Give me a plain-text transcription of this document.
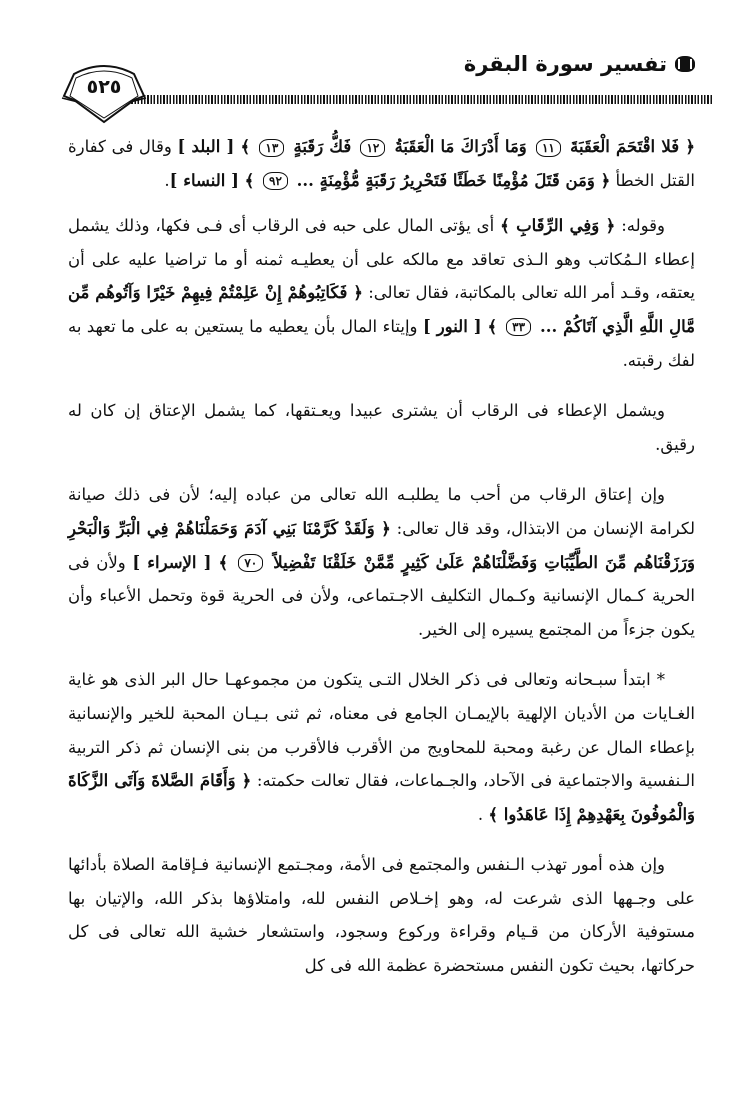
تفسير سورة البقرة
٥٢٥

﴿ فَلا اقْتَحَمَ الْعَقَبَةَ ١١ وَمَا أَدْرَاكَ مَا الْعَقَبَةُ ١٢ فَكُّ رَقَبَةٍ ١٣ ﴾ [ البلد ] وقال فى كفارة القتل الخطأ ﴿ وَمَن قَتَلَ مُؤْمِنًا خَطَئًا فَتَحْرِيرُ رَقَبَةٍ مُّؤْمِنَةٍ ... ٩٢ ﴾ [ النساء ].

وقوله: ﴿ وَفِي الرِّقَابِ ﴾ أى يؤتى المال على حبه فى الرقاب أى فـى فكها، وذلك يشمل إعطاء الـمُكاتب وهو الـذى تعاقد مع مالكه على أن يعطيـه ثمنه أو ما تراضيا عليه على أن يعتقه، وقـد أمر الله تعالى بالمكاتبة، فقال تعالى: ﴿ فَكَاتِبُوهُمْ إِنْ عَلِمْتُمْ فِيهِمْ خَيْرًا وَآتُوهُم مِّن مَّالِ اللَّهِ الَّذِي آتَاكُمْ ... ٣٣ ﴾ [ النور ] وإيتاء المال بأن يعطيه ما يستعين به على ما تعهد به لفك رقبته.

ويشمل الإعطاء فى الرقاب أن يشترى عبيدا ويعـتقها، كما يشمل الإعتاق إن كان له رقيق.

وإن إعتاق الرقاب من أحب ما يطلبـه الله تعالى من عباده إليه؛ لأن فى ذلك صيانة لكرامة الإنسان من الابتذال، وقد قال تعالى: ﴿ وَلَقَدْ كَرَّمْنَا بَنِي آدَمَ وَحَمَلْنَاهُمْ فِي الْبَرِّ وَالْبَحْرِ وَرَزَقْنَاهُم مِّنَ الطَّيِّبَاتِ وَفَضَّلْنَاهُمْ عَلَىٰ كَثِيرٍ مِّمَّنْ خَلَقْنَا تَفْضِيلاً ٧٠ ﴾ [ الإسراء ] ولأن فى الحرية كـمال الإنسانية وكـمال التكليف الاجـتماعى، ولأن فى الحرية قوة وتحمل الأعباء وأن يكون جزءاً من المجتمع يسيره إلى الخير.

* ابتدأ سبـحانه وتعالى فى ذكر الخلال التـى يتكون من مجموعهـا حال البر الذى هو غاية الغـايات من الأديان الإلهية بالإيمـان الجامع فى معناه، ثم ثنى بـيـان المحبة للخير والإنسانية بإعطاء المال عن رغبة ومحبة للمحاويج من الأقرب فالأقرب من بنى الإنسان ثم ذكر التربية الـنفسية والاجتماعية فى الآحاد، والجـماعات، فقال تعالت حكمته: ﴿ وَأَقَامَ الصَّلاةَ وَآتَى الزَّكَاةَ وَالْمُوفُونَ بِعَهْدِهِمْ إِذَا عَاهَدُوا ﴾ .

وإن هذه أمور تهذب الـنفس والمجتمع فى الأمة، ومجـتمع الإنسانية فـإقامة الصلاة بأدائها على وجـهها الذى شرعت له، وهو إخـلاص النفس لله، وامتلاؤها بذكر الله، والإتيان بها مستوفية الأركان من قـيام وقراءة وركوع وسجود، واستشعار خشية الله تعالى فى كل حركاتها، بحيث تكون النفس مستحضرة عظمة الله فى كل
